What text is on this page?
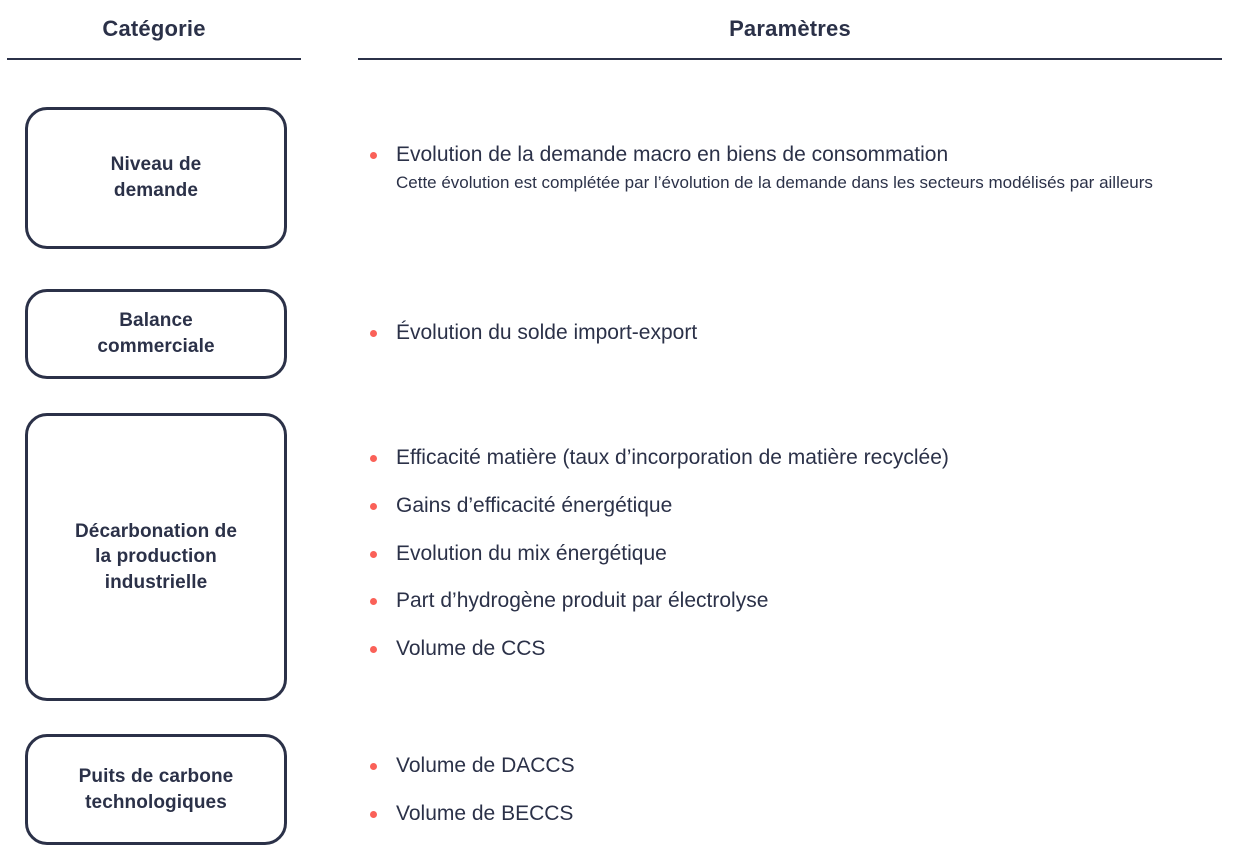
Catégorie	Paramètres
Niveau de
demande
Evolution de la demande macro en biens de consommation
Cette évolution est complétée par l’évolution de la demande dans les secteurs modélisés par ailleurs
Balance
commerciale
Évolution du solde import-export
Décarbonation de
la production
industrielle
Efficacité matière (taux d’incorporation de matière recyclée)
Gains d’efficacité énergétique
Evolution du mix énergétique
Part d’hydrogène produit par électrolyse
Volume de CCS
Puits de carbone
technologiques
Volume de DACCS
Volume de BECCS
